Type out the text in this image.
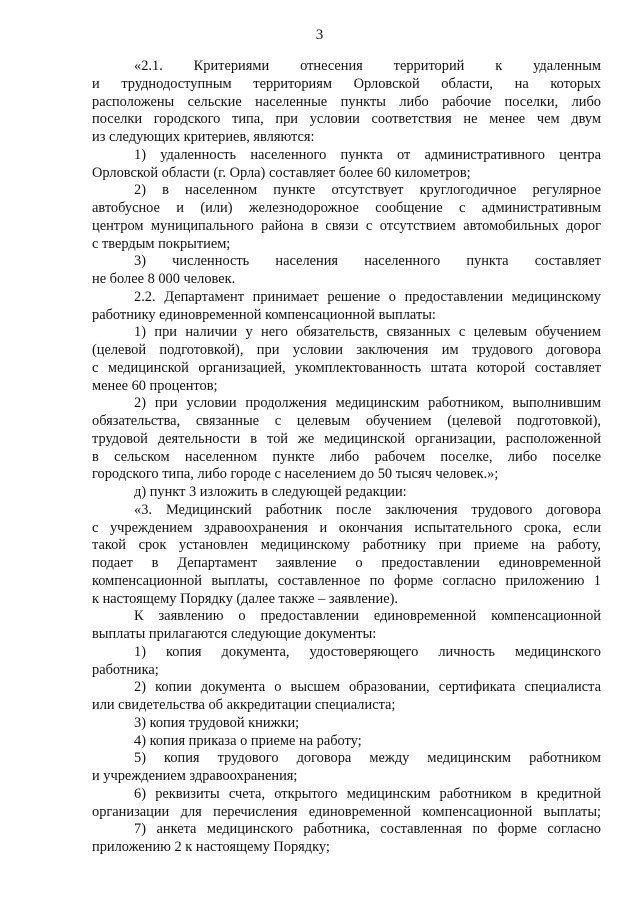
3
«2.1. Критериями отнесения территорий к удаленным
и труднодоступным территориям Орловской области, на которых
расположены сельские населенные пункты либо рабочие поселки, либо
поселки городского типа, при условии соответствия не менее чем двум
из следующих критериев, являются:
1) удаленность населенного пункта от административного центра
Орловской области (г. Орла) составляет более 60 километров;
2) в населенном пункте отсутствует круглогодичное регулярное
автобусное и (или) железнодорожное сообщение с административным
центром муниципального района в связи с отсутствием автомобильных дорог
с твердым покрытием;
3) численность населения населенного пункта составляет
не более 8 000 человек.
2.2. Департамент принимает решение о предоставлении медицинскому
работнику единовременной компенсационной выплаты:
1) при наличии у него обязательств, связанных с целевым обучением
(целевой подготовкой), при условии заключения им трудового договора
с медицинской организацией, укомплектованность штата которой составляет
менее 60 процентов;
2) при условии продолжения медицинским работником, выполнившим
обязательства, связанные с целевым обучением (целевой подготовкой),
трудовой деятельности в той же медицинской организации, расположенной
в сельском населенном пункте либо рабочем поселке, либо поселке
городского типа, либо городе с населением до 50 тысяч человек.»;
д) пункт 3 изложить в следующей редакции:
«3. Медицинский работник после заключения трудового договора
с учреждением здравоохранения и окончания испытательного срока, если
такой срок установлен медицинскому работнику при приеме на работу,
подает в Департамент заявление о предоставлении единовременной
компенсационной выплаты, составленное по форме согласно приложению 1
к настоящему Порядку (далее также – заявление).
К заявлению о предоставлении единовременной компенсационной
выплаты прилагаются следующие документы:
1) копия документа, удостоверяющего личность медицинского
работника;
2) копии документа о высшем образовании, сертификата специалиста
или свидетельства об аккредитации специалиста;
3) копия трудовой книжки;
4) копия приказа о приеме на работу;
5) копия трудового договора между медицинским работником
и учреждением здравоохранения;
6) реквизиты счета, открытого медицинским работником в кредитной
организации для перечисления единовременной компенсационной выплаты;
7) анкета медицинского работника, составленная по форме согласно
приложению 2 к настоящему Порядку;
